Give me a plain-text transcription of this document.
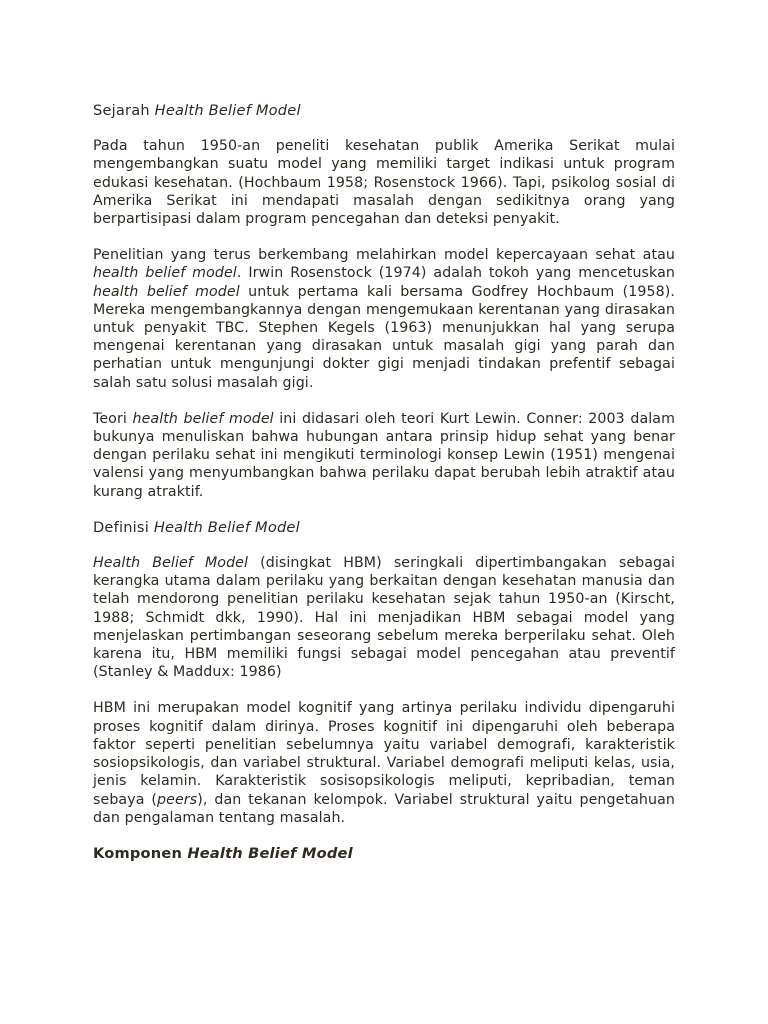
Sejarah Health Belief Model
Pada tahun 1950-an peneliti kesehatan publik Amerika Serikat mulai mengembangkan suatu model yang memiliki target indikasi untuk program edukasi kesehatan. (Hochbaum 1958; Rosenstock 1966). Tapi, psikolog sosial di Amerika Serikat ini mendapati masalah dengan sedikitnya orang yang berpartisipasi dalam program pencegahan dan deteksi penyakit.
Penelitian yang terus berkembang melahirkan model kepercayaan sehat atau health belief model. Irwin Rosenstock (1974) adalah tokoh yang mencetuskan health belief model untuk pertama kali bersama Godfrey Hochbaum (1958). Mereka mengembangkannya dengan mengemukaan kerentanan yang dirasakan untuk penyakit TBC. Stephen Kegels (1963) menunjukkan hal yang serupa mengenai kerentanan yang dirasakan untuk masalah gigi yang parah dan perhatian untuk mengunjungi dokter gigi menjadi tindakan prefentif sebagai salah satu solusi masalah gigi.
Teori health belief model ini didasari oleh teori Kurt Lewin. Conner: 2003 dalam bukunya menuliskan bahwa hubungan antara prinsip hidup sehat yang benar dengan perilaku sehat ini mengikuti terminologi konsep Lewin (1951) mengenai valensi yang menyumbangkan bahwa perilaku dapat berubah lebih atraktif atau kurang atraktif.
Definisi Health Belief Model
Health Belief Model (disingkat HBM) seringkali dipertimbangakan sebagai kerangka utama dalam perilaku yang berkaitan dengan kesehatan manusia dan telah mendorong penelitian perilaku kesehatan sejak tahun 1950-an (Kirscht, 1988; Schmidt dkk, 1990). Hal ini menjadikan HBM sebagai model yang menjelaskan pertimbangan seseorang sebelum mereka berperilaku sehat. Oleh karena itu, HBM memiliki fungsi sebagai model pencegahan atau preventif (Stanley & Maddux: 1986)
HBM ini merupakan model kognitif yang artinya perilaku individu dipengaruhi proses kognitif dalam dirinya. Proses kognitif ini dipengaruhi oleh beberapa faktor seperti penelitian sebelumnya yaitu variabel demografi, karakteristik sosiopsikologis, dan variabel struktural. Variabel demografi meliputi kelas, usia, jenis kelamin. Karakteristik sosisopsikologis meliputi, kepribadian, teman sebaya (peers), dan tekanan kelompok. Variabel struktural yaitu pengetahuan dan pengalaman tentang masalah.
Komponen Health Belief Model
